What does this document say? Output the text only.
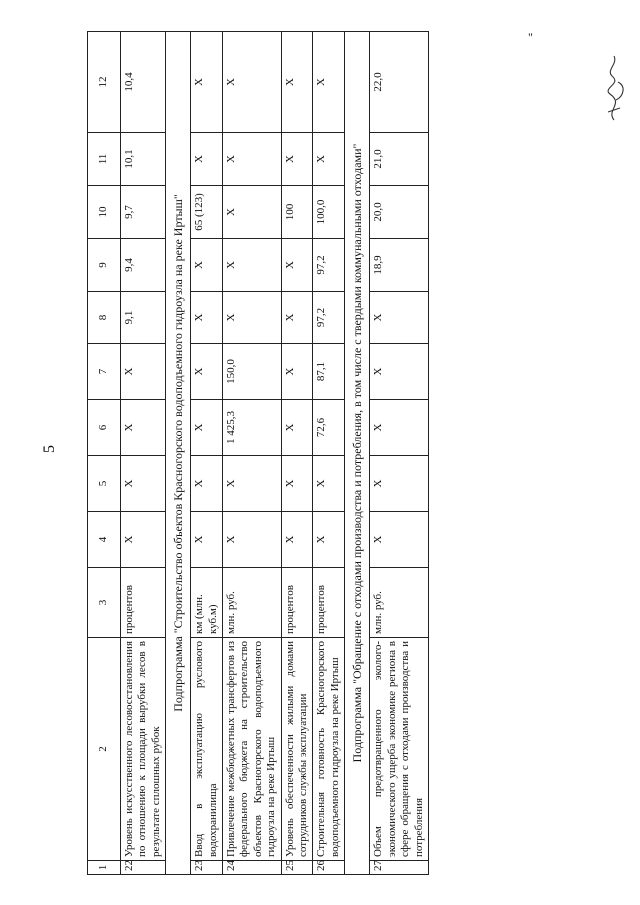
5
1	2	3	4	5	6	7	8	9	10	11	12
22	Уровень искусственного лесовосстановления по отношению к площади вырубки лесов в результате сплошных рубок	процентов	X	X	X	X	9,1	9,4	9,7	10,1	10,4
Подпрограмма "Строительство объектов Красногорского водоподъемного гидроузла на реке Иртыш"											
23	Ввод в эксплуатацию руслового водохранилища	км (млн. куб.м)	X	X	X	X	X	X	65 (123)	X	X
24	Привлечение межбюджетных трансфертов из федерального бюджета на строительство объектов Красногорского водоподъемного гидроузла на реке Иртыш	млн. руб.	X	X	1 425,3	150,0	X	X	X	X	X
25	Уровень обеспеченности жилыми домами сотрудников службы эксплуатации	процентов	X	X	X	X	X	X	100	X	X
26	Строительная готовность Красногорского водоподъемного гидроузла на реке Иртыш	процентов	X	X	72,6	87,1	97,2	97,2	100,0	X	X
Подпрограмма "Обращение с отходами производства и потребления, в том числе с твердыми коммунальными отходами"											
27	Объем предотвращенного эколого-экономического ущерба экономике региона в сфере обращения с отходами производства и потребления	млн. руб.	X	X	X	X	X	18,9	20,0	21,0	22,0
"
